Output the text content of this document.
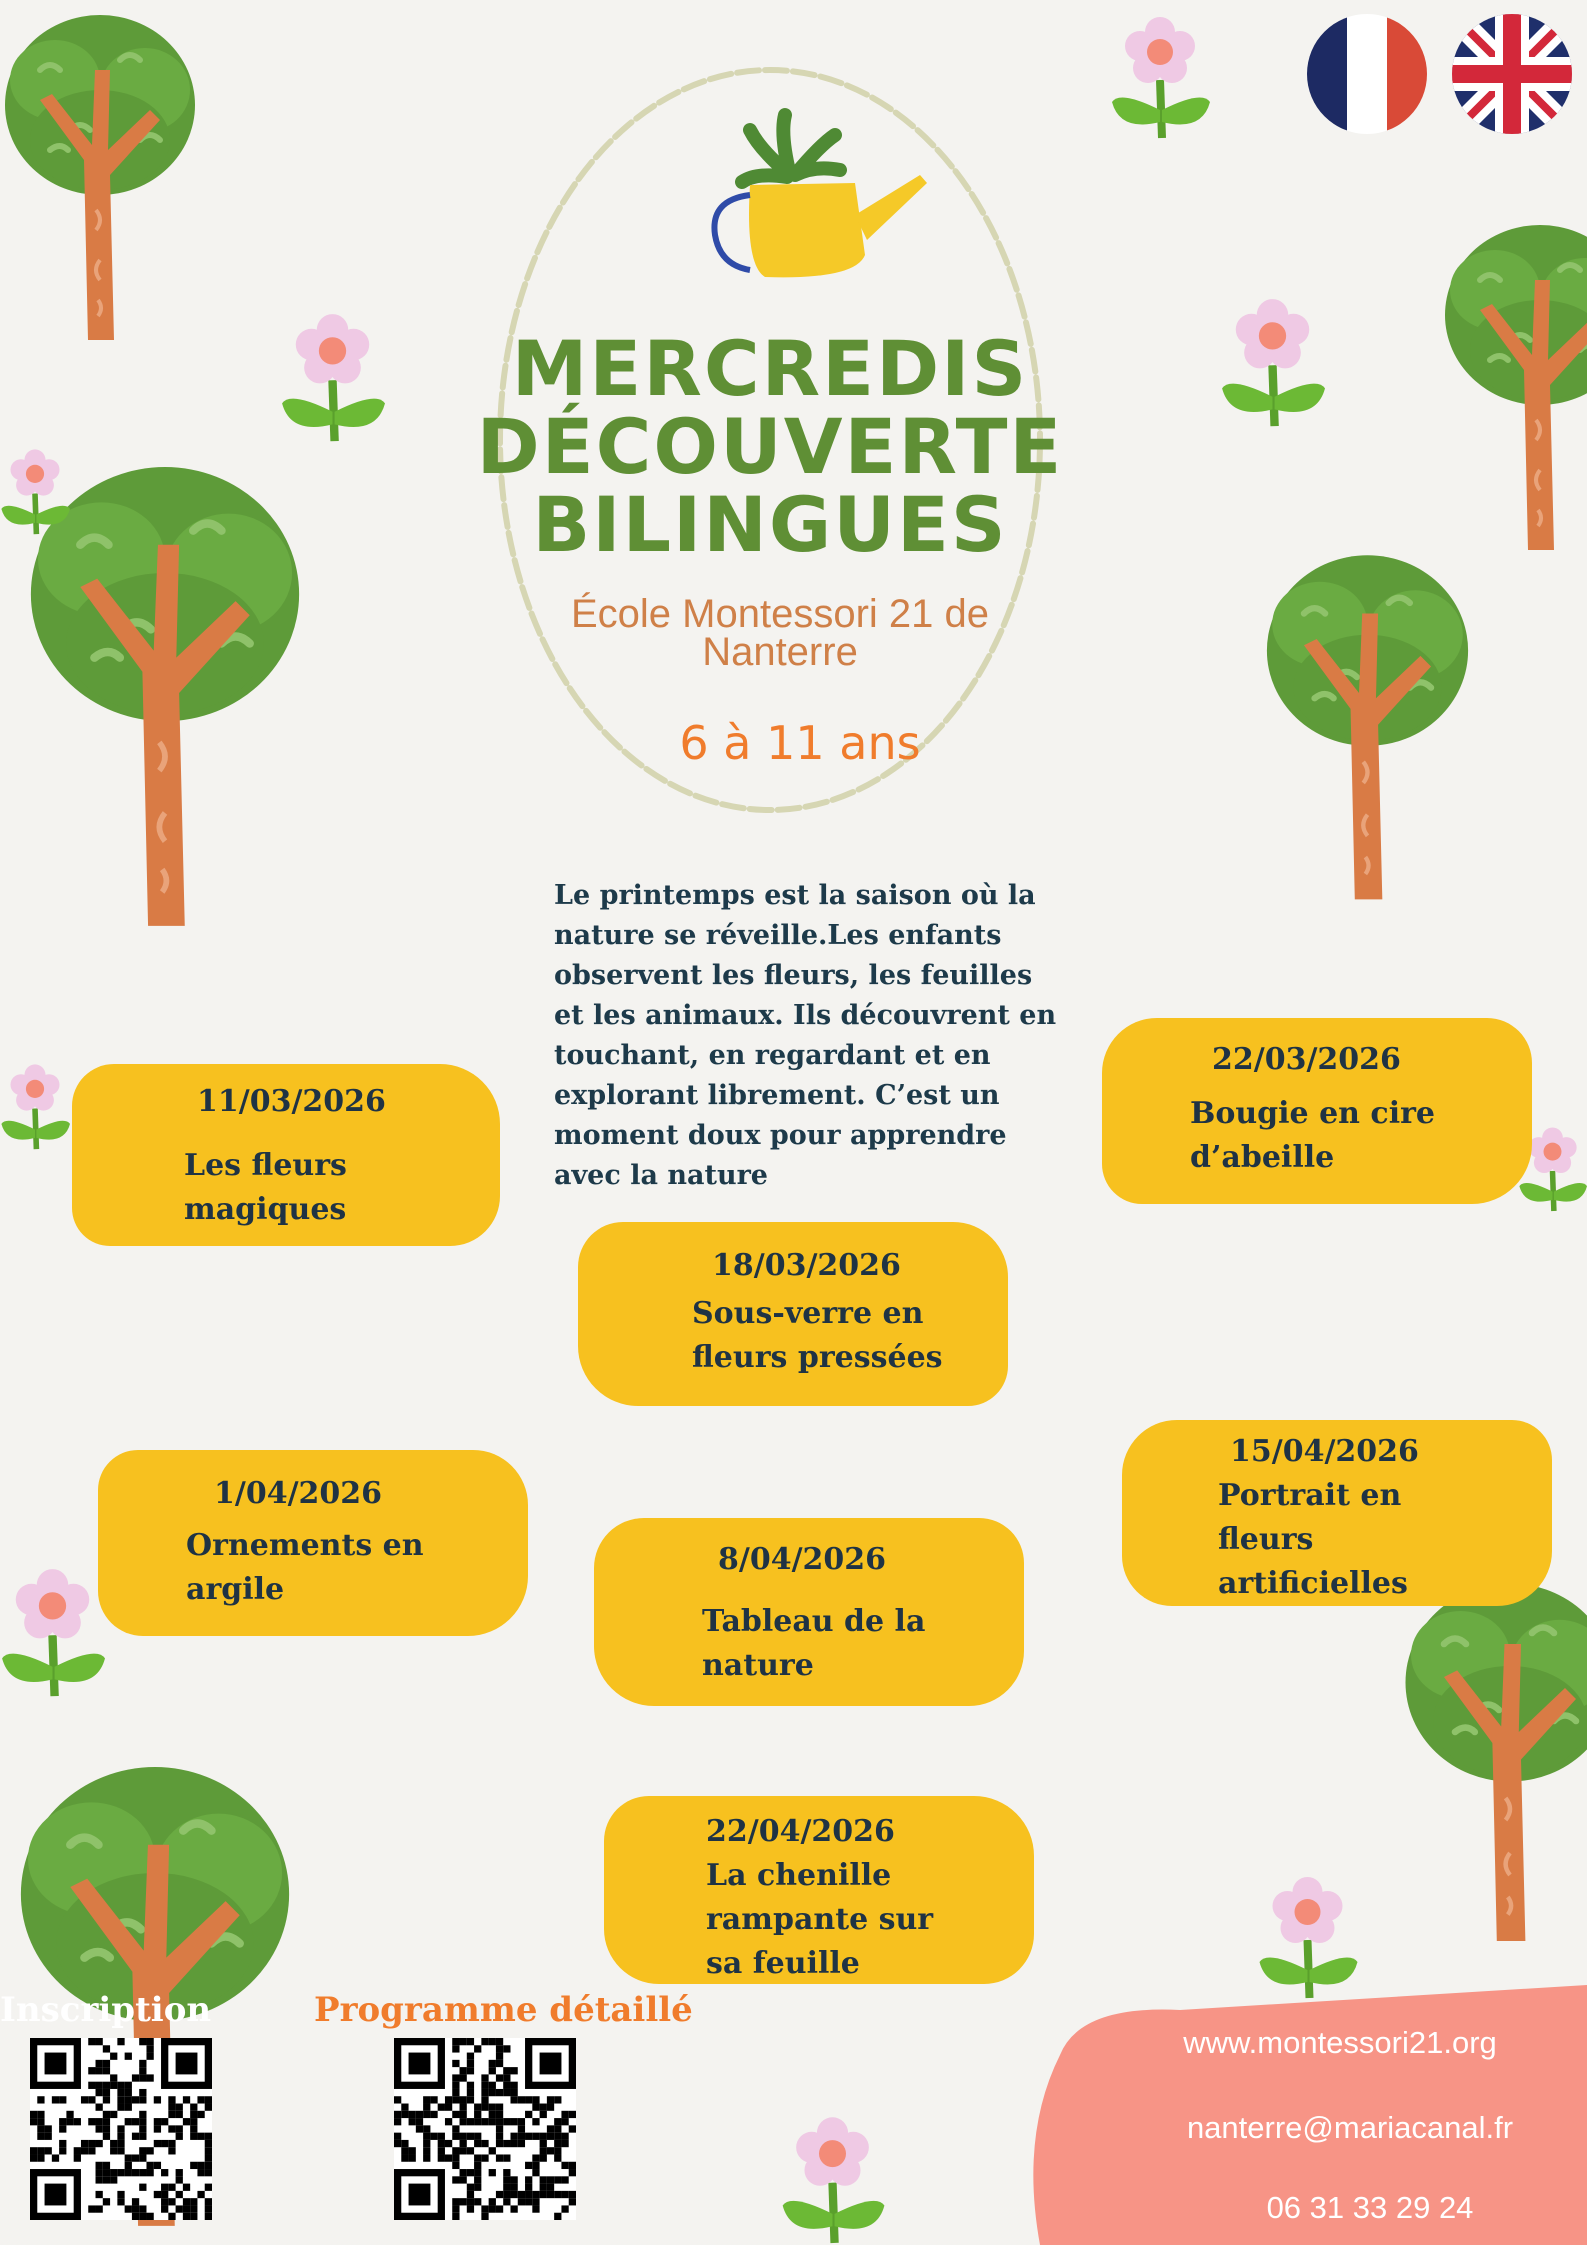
MERCREDIS
DÉCOUVERTE
BILINGUES
École Montessori 21 de
Nanterre
6 à 11 ans
Le printemps est la saison où la nature se réveille.Les enfants observent les fleurs, les feuilles et les animaux. Ils découvrent en touchant, en regardant et en explorant librement. C’est un moment doux pour apprendre avec la nature
11/03/2026
Les fleurs magiques
22/03/2026
Bougie en cire d’abeille
18/03/2026
Sous-verre en fleurs pressées
1/04/2026
Ornements en argile
15/04/2026
Portrait en fleurs artificielles
8/04/2026
Tableau de la nature
22/04/2026
La chenille rampante sur sa feuille
Inscription	Programme détaillé
www.montessori21.org
nanterre@mariacanal.fr
06 31 33 29 24
